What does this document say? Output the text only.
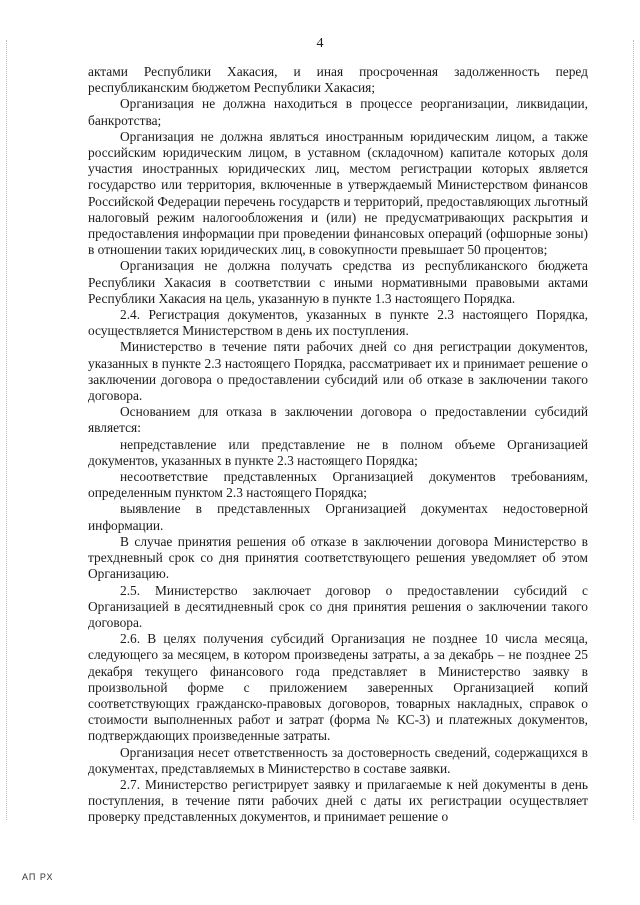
4

актами Республики Хакасия, и иная просроченная задолженность перед республиканским бюджетом Республики Хакасия;

Организация не должна находиться в процессе реорганизации, ликвидации, банкротства;

Организация не должна являться иностранным юридическим лицом, а также российским юридическим лицом, в уставном (складочном) капитале которых доля участия иностранных юридических лиц, местом регистрации которых является государство или территория, включенные в утверждаемый Министерством финансов Российской Федерации перечень государств и территорий, предоставляющих льготный налоговый режим налогообложения и (или) не предусматривающих раскрытия и предоставления информации при проведении финансовых операций (офшорные зоны) в отношении таких юридических лиц, в совокупности превышает 50 процентов;

Организация не должна получать средства из республиканского бюджета Республики Хакасия в соответствии с иными нормативными правовыми актами Республики Хакасия на цель, указанную в пункте 1.3 настоящего Порядка.

2.4. Регистрация документов, указанных в пункте 2.3 настоящего Порядка, осуществляется Министерством в день их поступления.

Министерство в течение пяти рабочих дней со дня регистрации документов, указанных в пункте 2.3 настоящего Порядка, рассматривает их и принимает решение о заключении договора о предоставлении субсидий или об отказе в заключении такого договора.

Основанием для отказа в заключении договора о предоставлении субсидий является:

непредставление или представление не в полном объеме Организацией документов, указанных в пункте 2.3 настоящего Порядка;

несоответствие представленных Организацией документов требованиям, определенным пунктом 2.3 настоящего Порядка;

выявление в представленных Организацией документах недостоверной информации.

В случае принятия решения об отказе в заключении договора Министерство в трехдневный срок со дня принятия соответствующего решения уведомляет об этом Организацию.

2.5. Министерство заключает договор о предоставлении субсидий с Организацией в десятидневный срок со дня принятия решения о заключении такого договора.

2.6. В целях получения субсидий Организация не позднее 10 числа месяца, следующего за месяцем, в котором произведены затраты, а за декабрь – не позднее 25 декабря текущего финансового года представляет в Министерство заявку в произвольной форме с приложением заверенных Организацией копий соответствующих гражданско-правовых договоров, товарных накладных, справок о стоимости выполненных работ и затрат (форма № КС-3) и платежных документов, подтверждающих произведенные затраты.

Организация несет ответственность за достоверность сведений, содержащихся в документах, представляемых в Министерство в составе заявки.

2.7. Министерство регистрирует заявку и прилагаемые к ней документы в день поступления, в течение пяти рабочих дней с даты их регистрации осуществляет проверку представленных документов, и принимает решение о

АП РХ
